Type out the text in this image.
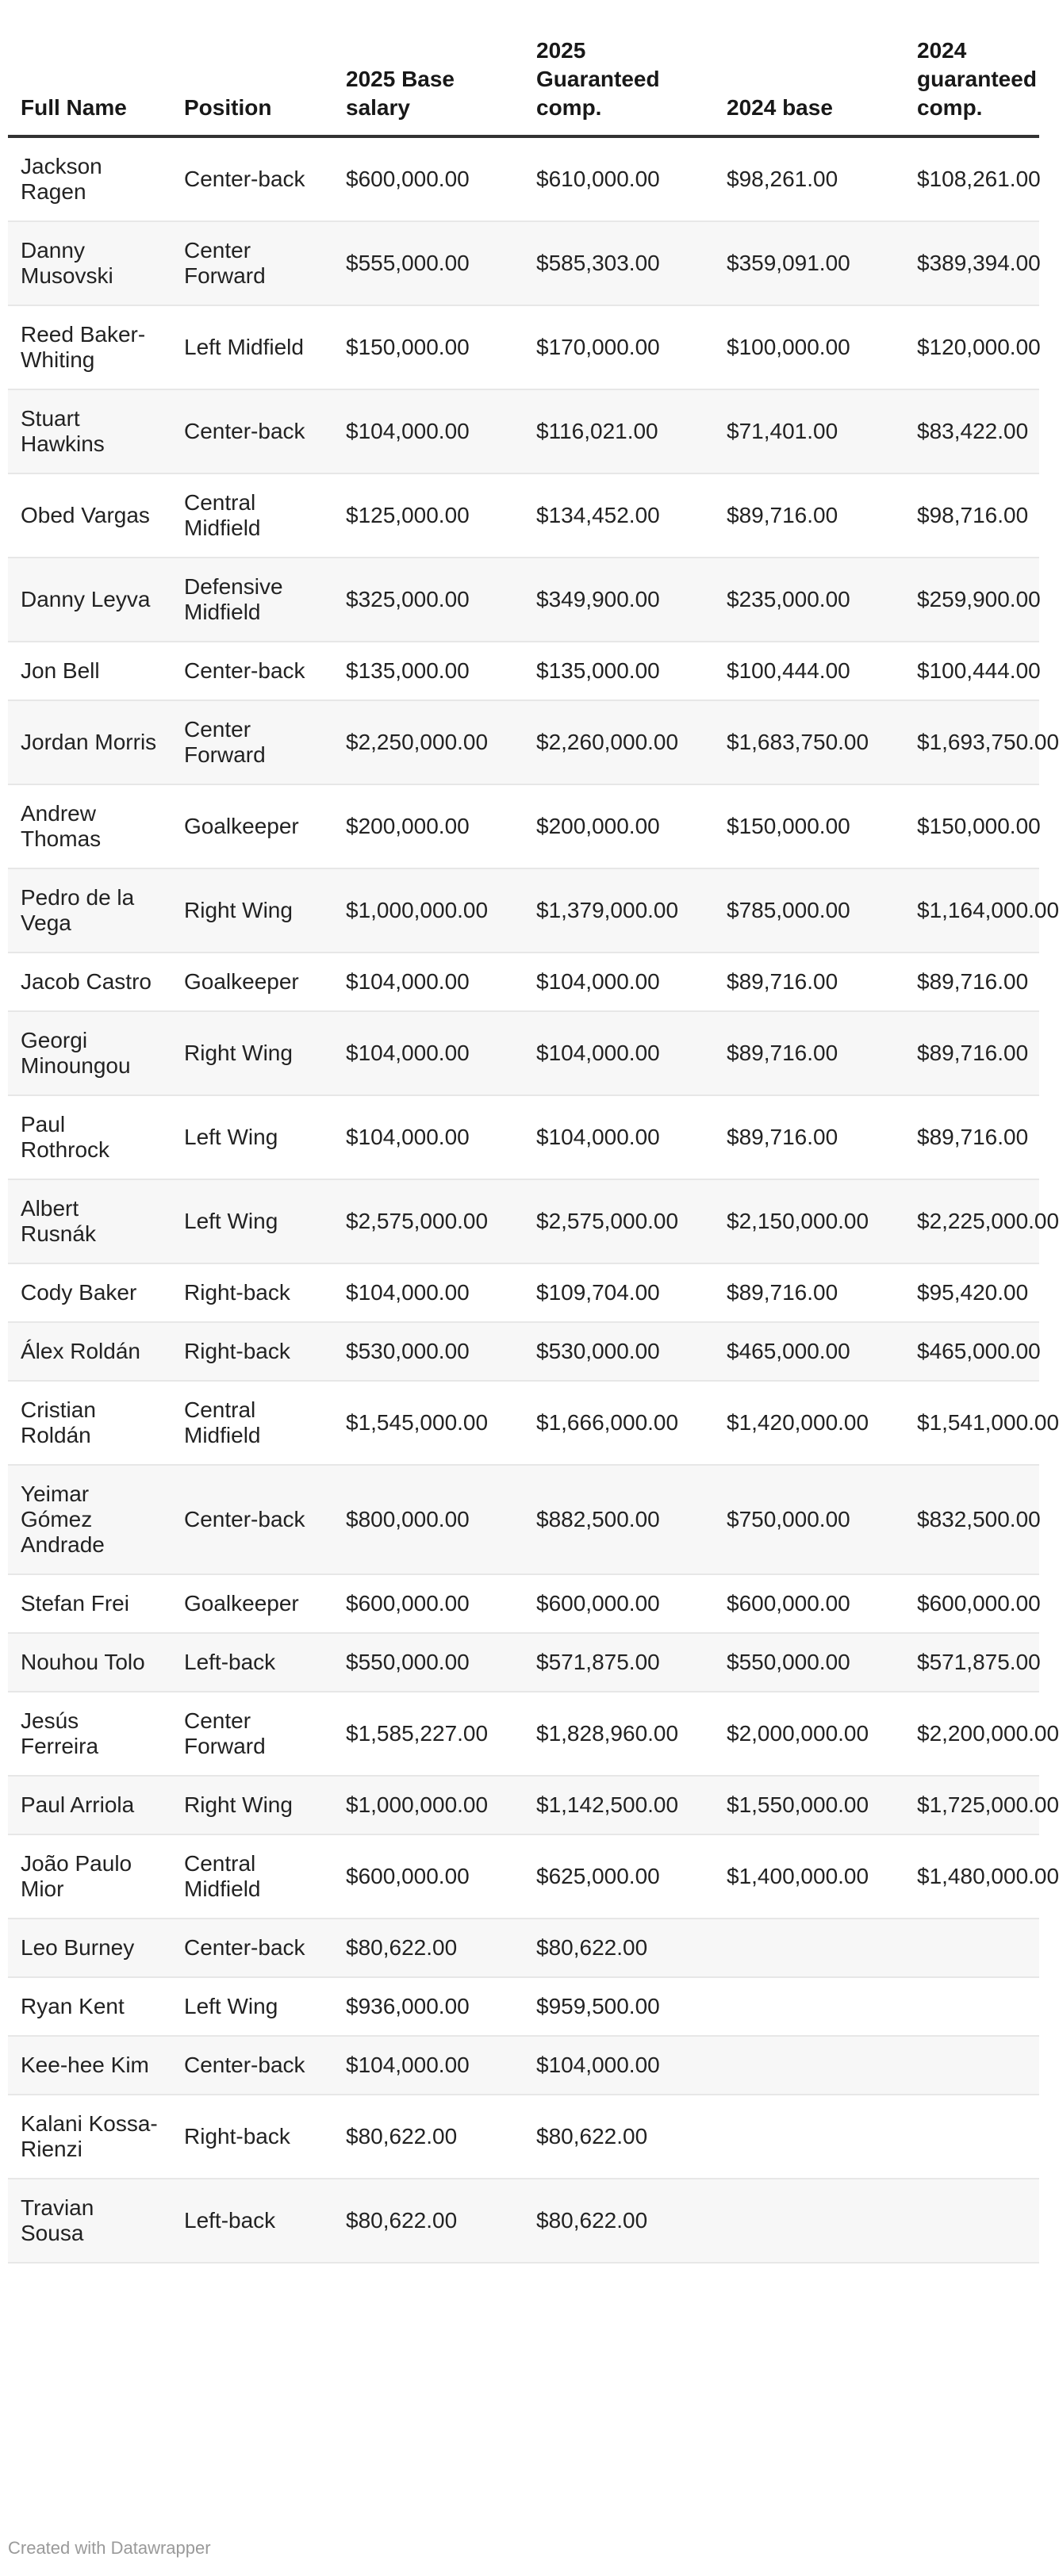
Full Name	Position	2025 Base salary	2025 Guaranteed comp.	2024 base	2024 guaranteed comp.
Jackson Ragen	Center-back	$600,000.00	$610,000.00	$98,261.00	$108,261.00
Danny Musovski	Center Forward	$555,000.00	$585,303.00	$359,091.00	$389,394.00
Reed Baker-Whiting	Left Midfield	$150,000.00	$170,000.00	$100,000.00	$120,000.00
Stuart Hawkins	Center-back	$104,000.00	$116,021.00	$71,401.00	$83,422.00
Obed Vargas	Central Midfield	$125,000.00	$134,452.00	$89,716.00	$98,716.00
Danny Leyva	Defensive Midfield	$325,000.00	$349,900.00	$235,000.00	$259,900.00
Jon Bell	Center-back	$135,000.00	$135,000.00	$100,444.00	$100,444.00
Jordan Morris	Center Forward	$2,250,000.00	$2,260,000.00	$1,683,750.00	$1,693,750.00
Andrew Thomas	Goalkeeper	$200,000.00	$200,000.00	$150,000.00	$150,000.00
Pedro de la Vega	Right Wing	$1,000,000.00	$1,379,000.00	$785,000.00	$1,164,000.00
Jacob Castro	Goalkeeper	$104,000.00	$104,000.00	$89,716.00	$89,716.00
Georgi Minoungou	Right Wing	$104,000.00	$104,000.00	$89,716.00	$89,716.00
Paul Rothrock	Left Wing	$104,000.00	$104,000.00	$89,716.00	$89,716.00
Albert Rusnák	Left Wing	$2,575,000.00	$2,575,000.00	$2,150,000.00	$2,225,000.00
Cody Baker	Right-back	$104,000.00	$109,704.00	$89,716.00	$95,420.00
Álex Roldán	Right-back	$530,000.00	$530,000.00	$465,000.00	$465,000.00
Cristian Roldán	Central Midfield	$1,545,000.00	$1,666,000.00	$1,420,000.00	$1,541,000.00
Yeimar Gómez Andrade	Center-back	$800,000.00	$882,500.00	$750,000.00	$832,500.00
Stefan Frei	Goalkeeper	$600,000.00	$600,000.00	$600,000.00	$600,000.00
Nouhou Tolo	Left-back	$550,000.00	$571,875.00	$550,000.00	$571,875.00
Jesús Ferreira	Center Forward	$1,585,227.00	$1,828,960.00	$2,000,000.00	$2,200,000.00
Paul Arriola	Right Wing	$1,000,000.00	$1,142,500.00	$1,550,000.00	$1,725,000.00
João Paulo Mior	Central Midfield	$600,000.00	$625,000.00	$1,400,000.00	$1,480,000.00
Leo Burney	Center-back	$80,622.00	$80,622.00		
Ryan Kent	Left Wing	$936,000.00	$959,500.00		
Kee-hee Kim	Center-back	$104,000.00	$104,000.00		
Kalani Kossa-Rienzi	Right-back	$80,622.00	$80,622.00		
Travian Sousa	Left-back	$80,622.00	$80,622.00		
Created with Datawrapper
